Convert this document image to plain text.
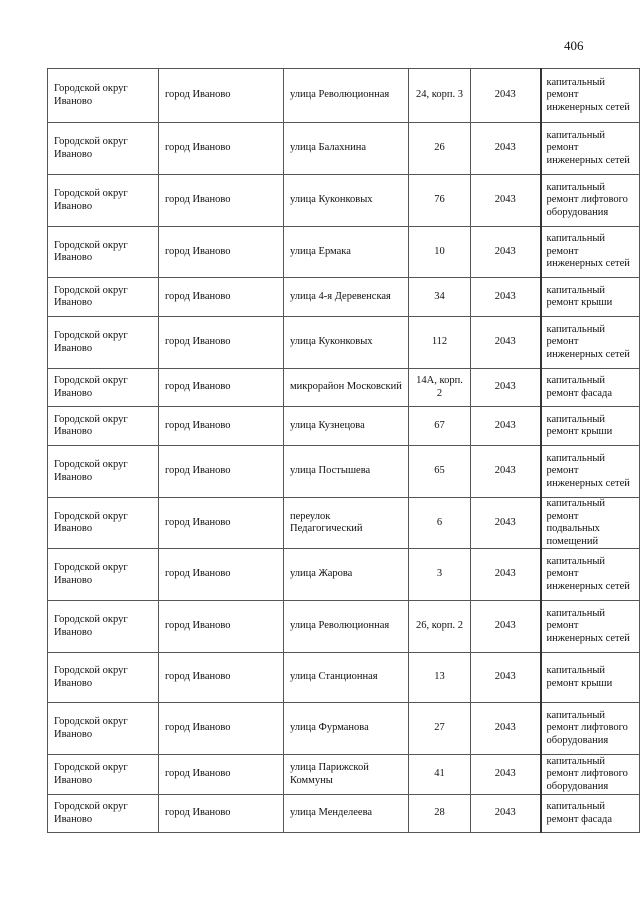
406
Городской округ Иваново	город Иваново	улица Революционная	24, корп. 3	2043	капитальный ремонт инженерных сетей
Городской округ Иваново	город Иваново	улица Балахнина	26	2043	капитальный ремонт инженерных сетей
Городской округ Иваново	город Иваново	улица Куконковых	76	2043	капитальный ремонт лифтового оборудования
Городской округ Иваново	город Иваново	улица Ермака	10	2043	капитальный ремонт инженерных сетей
Городской округ Иваново	город Иваново	улица 4-я Деревенская	34	2043	капитальный ремонт крыши
Городской округ Иваново	город Иваново	улица Куконковых	112	2043	капитальный ремонт инженерных сетей
Городской округ Иваново	город Иваново	микрорайон Московский	14А, корп. 2	2043	капитальный ремонт фасада
Городской округ Иваново	город Иваново	улица Кузнецова	67	2043	капитальный ремонт крыши
Городской округ Иваново	город Иваново	улица Постышева	65	2043	капитальный ремонт инженерных сетей
Городской округ Иваново	город Иваново	переулок Педагогический	6	2043	капитальный ремонт подвальных помещений
Городской округ Иваново	город Иваново	улица Жарова	3	2043	капитальный ремонт инженерных сетей
Городской округ Иваново	город Иваново	улица Революционная	26, корп. 2	2043	капитальный ремонт инженерных сетей
Городской округ Иваново	город Иваново	улица Станционная	13	2043	капитальный ремонт крыши
Городской округ Иваново	город Иваново	улица Фурманова	27	2043	капитальный ремонт лифтового оборудования
Городской округ Иваново	город Иваново	улица Парижской Коммуны	41	2043	капитальный ремонт лифтового оборудования
Городской округ Иваново	город Иваново	улица Менделеева	28	2043	капитальный ремонт фасада
